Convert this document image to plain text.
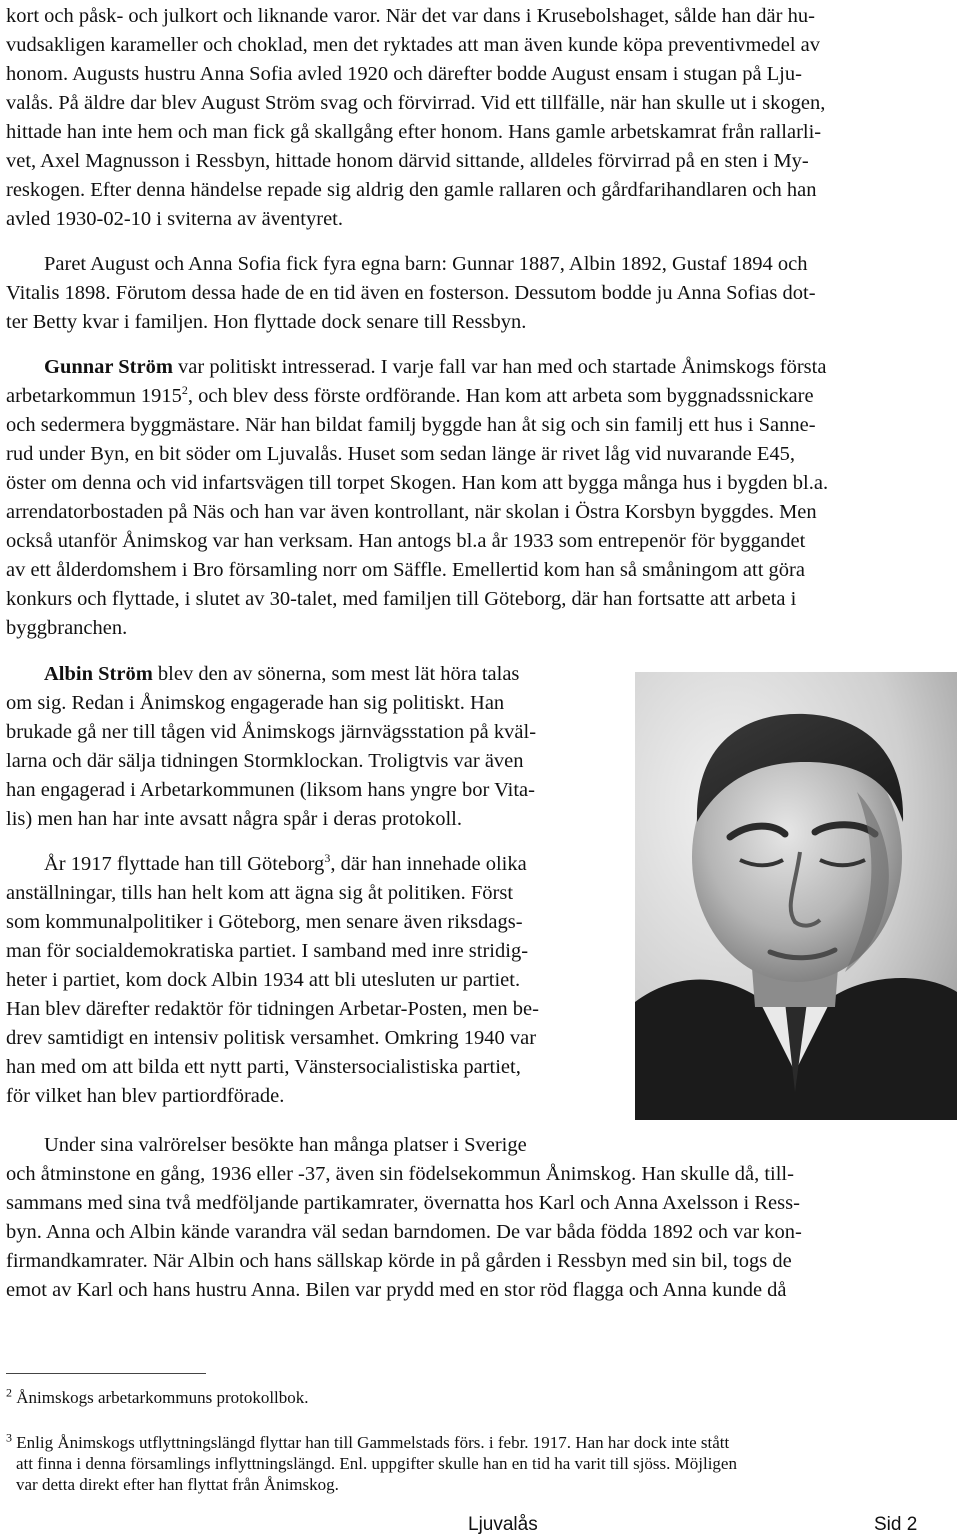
kort och påsk- och julkort och liknande varor. När det var dans i Krusebolshaget, sålde han där hu-
vudsakligen karameller och choklad, men det ryktades att man även kunde köpa preventivmedel av
honom. Augusts hustru Anna Sofia avled 1920 och därefter bodde August ensam i stugan på Lju-
valås. På äldre dar blev August Ström svag och förvirrad. Vid ett tillfälle, när han skulle ut i skogen,
hittade han inte hem och man fick gå skallgång efter honom. Hans gamle arbetskamrat från rallarli-
vet, Axel Magnusson i Ressbyn, hittade honom därvid sittande, alldeles förvirrad på en sten i My-
reskogen. Efter denna händelse repade sig aldrig den gamle rallaren och gårdfarihandlaren och han
avled 1930-02-10 i sviterna av äventyret.
Paret August och Anna Sofia fick fyra egna barn: Gunnar 1887, Albin 1892, Gustaf 1894 och
Vitalis 1898. Förutom dessa hade de en tid även en fosterson. Dessutom bodde ju Anna Sofias dot-
ter Betty kvar i familjen. Hon flyttade dock senare till Ressbyn.
Gunnar Ström var politiskt intresserad. I varje fall var han med och startade Ånimskogs första
arbetarkommun 1915$^2$, och blev dess förste ordförande. Han kom att arbeta som byggnadssnickare
och sedermera byggmästare. När han bildat familj byggde han åt sig och sin familj ett hus i Sanne-
rud under Byn, en bit söder om Ljuvalås. Huset som sedan länge är rivet låg vid nuvarande E45,
öster om denna och vid infartsvägen till torpet Skogen. Han kom att bygga många hus i bygden bl.a.
arrendatorbostaden på Näs och han var även kontrollant, när skolan i Östra Korsbyn byggdes. Men
också utanför Ånimskog var han verksam. Han antogs bl.a år 1933 som entrepenör för byggandet
av ett ålderdomshem i Bro församling norr om Säffle. Emellertid kom han så småningom att göra
konkurs och flyttade, i slutet av 30-talet, med familjen till Göteborg, där han fortsatte att arbeta i
byggbranchen.
Albin Ström blev den av sönerna, som mest lät höra talas
om sig. Redan i Ånimskog engagerade han sig politiskt. Han
brukade gå ner till tågen vid Ånimskogs järnvägsstation på kväl-
larna och där sälja tidningen Stormklockan. Troligtvis var även
han engagerad i Arbetarkommunen (liksom hans yngre bor Vita-
lis) men han har inte avsatt några spår i deras protokoll.
År 1917 flyttade han till Göteborg$^3$, där han innehade olika
anställningar, tills han helt kom att ägna sig åt politiken. Först
som kommunalpolitiker i Göteborg, men senare även riksdags-
man för socialdemokratiska partiet. I samband med inre stridig-
heter i partiet, kom dock Albin 1934 att bli utesluten ur partiet.
Han blev därefter redaktör för tidningen Arbetar-Posten, men be-
drev samtidigt en intensiv politisk versamhet. Omkring 1940 var
han med om att bilda ett nytt parti, Vänstersocialistiska partiet,
för vilket han blev partiordförade.
Under sina valrörelser besökte han många platser i Sverige
och åtminstone en gång, 1936 eller -37, även sin födelsekommun Ånimskog. Han skulle då, till-
sammans med sina två medföljande partikamrater, övernatta hos Karl och Anna Axelsson i Ress-
byn. Anna och Albin kände varandra väl sedan barndomen. De var båda födda 1892 och var kon-
firmandkamrater. När Albin och hans sällskap körde in på gården i Ressbyn med sin bil, togs de
emot av Karl och hans hustru Anna. Bilen var prydd med en stor röd flagga och Anna kunde då
$^2$ Ånimskogs arbetarkommuns protokollbok.
$^3$ Enlig Ånimskogs utflyttningslängd flyttar han till Gammelstads förs. i febr. 1917. Han har dock inte stått
att finna i denna församlings inflyttningslängd. Enl. uppgifter skulle han en tid ha varit till sjöss. Möjligen
var detta direkt efter han flyttat från Ånimskog.
Ljuvalås	Sid 2
